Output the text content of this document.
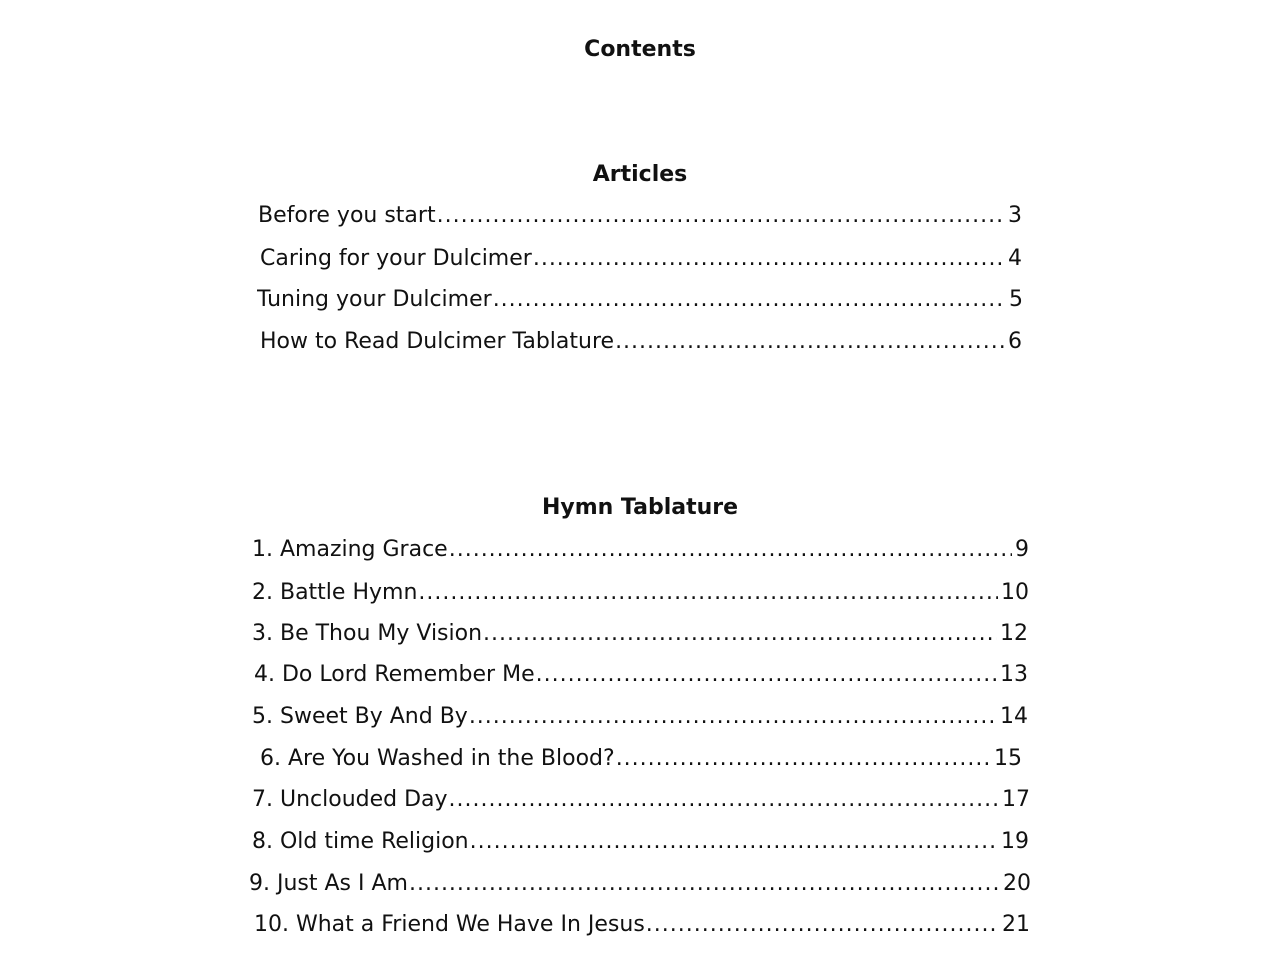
Contents
Articles
Before you start .....	3
Caring for your Dulcimer .....	4
Tuning your Dulcimer .....	5
How to Read Dulcimer Tablature .....	6
Hymn Tablature
1. Amazing Grace .....	9
2. Battle Hymn .....	10
3. Be Thou My Vision .....	12
4. Do Lord Remember Me .....	13
5. Sweet By And By .....	14
6. Are You Washed in the Blood? .....	15
7. Unclouded Day .....	17
8. Old time Religion .....	19
9. Just As I Am .....	20
10. What a Friend We Have In Jesus .....	21
